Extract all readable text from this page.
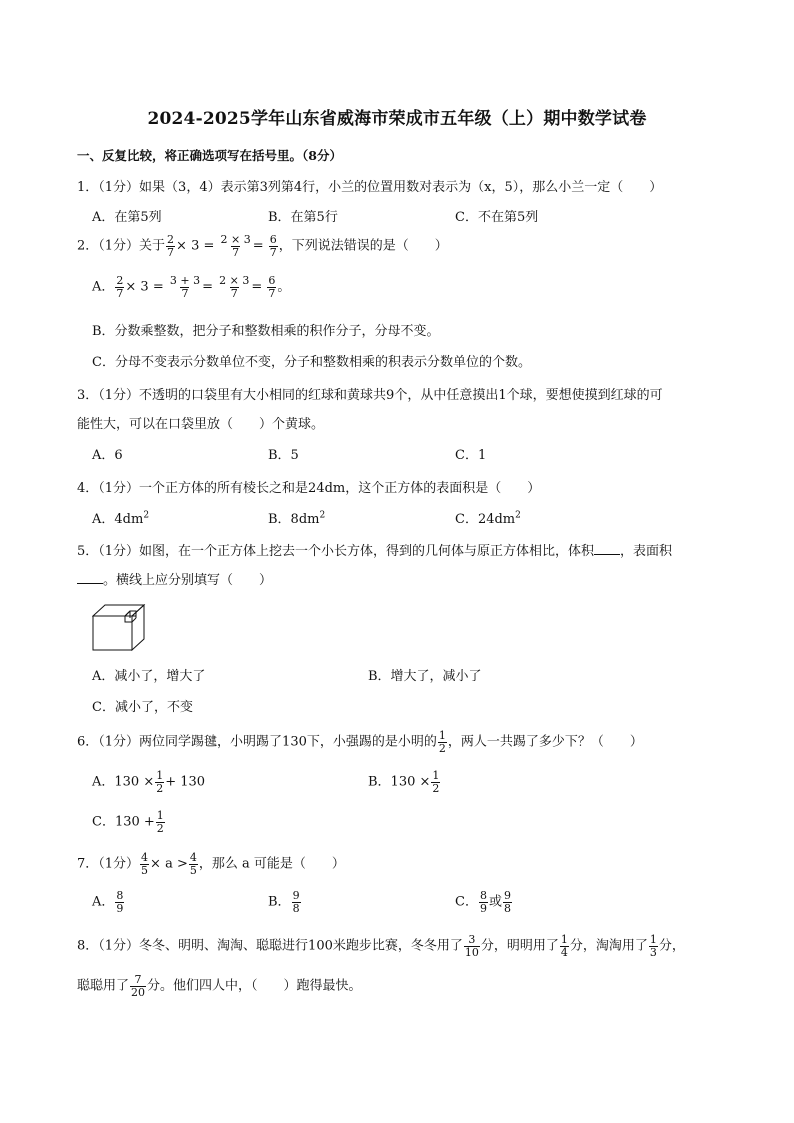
2024-2025学年山东省威海市荣成市五年级（上）期中数学试卷
一、反复比较，将正确选项写在括号里。（8分）
1．（1分）如果（3，4）表示第3列第4行，小兰的位置用数对表示为（x，5），那么小兰一定（　　）
A．在第5列	B．在第5行	C．不在第5列
2．（1分）关于 $\frac{2}{7} \times 3 = \frac{2 \times 3}{7} = \frac{6}{7}$ ，下列说法错误的是（　　）
A． $\frac{2}{7} \times 3 = \frac{3 + 3}{7} = \frac{2 \times 3}{7} = \frac{6}{7}$ 。
B．分数乘整数，把分子和整数相乘的积作分子，分母不变。
C．分母不变表示分数单位不变，分子和整数相乘的积表示分数单位的个数。
3．（1分）不透明的口袋里有大小相同的红球和黄球共9个，从中任意摸出1个球，要想使摸到红球的可
能性大，可以在口袋里放（　　）个黄球。
A．6	B．5	C．1
4．（1分）一个正方体的所有棱长之和是24dm，这个正方体的表面积是（　　）
A．$4dm^2$	B．$8dm^2$	C．$24dm^2$
5．（1分）如图，在一个正方体上挖去一个小长方体，得到的几何体与原正方体相比，体积 ，表面积
。横线上应分别填写（　　）
A．减小了，增大了	B．增大了，减小了
C．减小了，不变
6．（1分）两位同学踢毽，小明踢了130下，小强踢的是小明的 $\frac{1}{2}$ ，两人一共踢了多少下？（　　）
A．$130 \times \frac{1}{2} + 130$	B．$130 \times \frac{1}{2}$
C．$130 + \frac{1}{2}$
7．（1分） $\frac{4}{5} \times a > \frac{4}{5}$ ，那么 a 可能是（　　）
A． $\frac{8}{9}$	B． $\frac{9}{8}$	C． $\frac{8}{9}$ 或 $\frac{9}{8}$
8．（1分）冬冬、明明、淘淘、聪聪进行100米跑步比赛，冬冬用了 $\frac{3}{10}$ 分，明明用了 $\frac{1}{4}$ 分，淘淘用了 $\frac{1}{3}$ 分，
聪聪用了 $\frac{7}{20}$ 分。他们四人中，（　　）跑得最快。
